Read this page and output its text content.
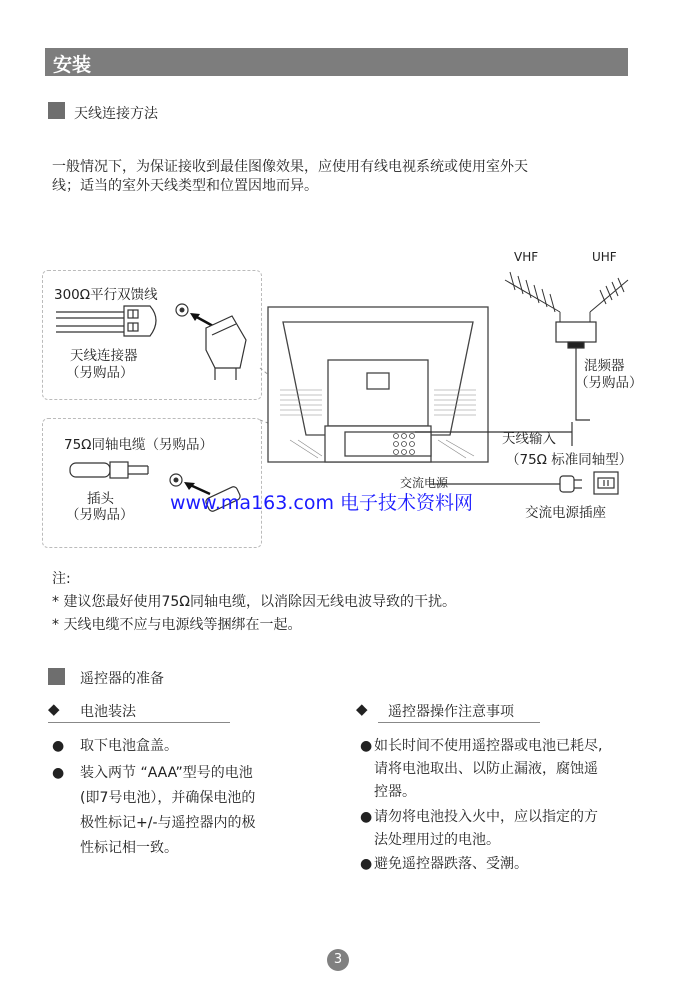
安装
天线连接方法
一般情况下，为保证接收到最佳图像效果，应使用有线电视系统或使用室外天
线；适当的室外天线类型和位置因地而异。
300Ω平行双馈线
天线连接器
（另购品）
75Ω同轴电缆（另购品）
插头
（另购品）
VHF	UHF
混频器
（另购品）
天线输入
（75Ω 标准同轴型）
交流电源
交流电源插座
www.ma163.com 电子技术资料网
注:
* 建议您最好使用75Ω同轴电缆，以消除因无线电波导致的干扰。
* 天线电缆不应与电源线等捆绑在一起。
遥控器的准备
◆ 电池装法
● 取下电池盒盖。
● 装入两节 “AAA”型号的电池
(即7号电池），并确保电池的
极性标记+/-与遥控器内的极
性标记相一致。
◆ 遥控器操作注意事项
● 如长时间不使用遥控器或电池已耗尽,
请将电池取出、以防止漏液，腐蚀遥
控器。
● 请勿将电池投入火中，应以指定的方
法处理用过的电池。
● 避免遥控器跌落、受潮。
3
